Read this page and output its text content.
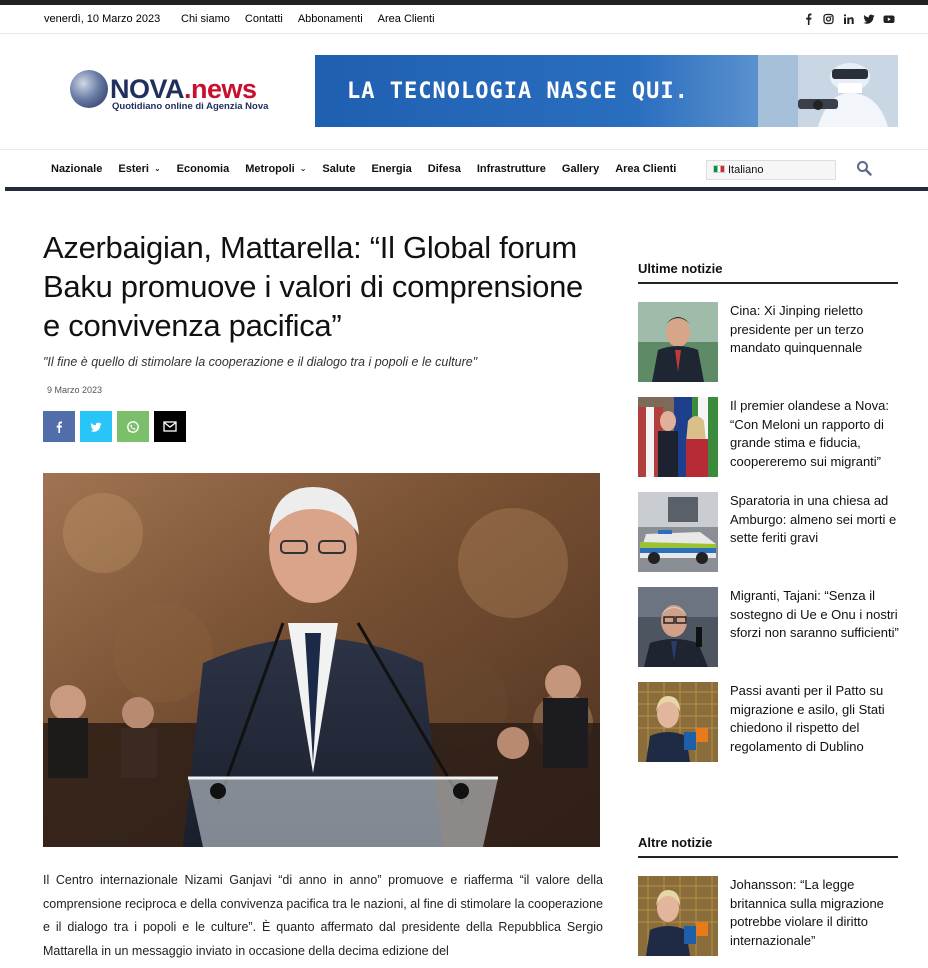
venerdì, 10 Marzo 2023 Chi siamo Contatti Abbonamenti Area Clienti
NOVA.news
Quotidiano online di Agenzia Nova
LA TECNOLOGIA NASCE QUI.
Nazionale Esteri ⌄ Economia Metropoli ⌄ Salute Energia Difesa Infrastrutture Gallery Area Clienti	Italiano
Azerbaigian, Mattarella: “Il Global forum Baku promuove i valori di comprensione e convivenza pacifica”

"Il fine è quello di stimolare la cooperazione e il dialogo tra i popoli e le culture"

9 Marzo 2023

Il Centro internazionale Nizami Ganjavi “di anno in anno” promuove e riafferma “il valore della comprensione reciproca e della convivenza pacifica tra le nazioni, al fine di stimolare la cooperazione e il dialogo tra i popoli e le culture”. È quanto affermato dal presidente della Repubblica Sergio Mattarella in un messaggio inviato in occasione della decima edizione del

Ultime notizie
Cina: Xi Jinping rieletto presidente per un terzo mandato quinquennale
Il premier olandese a Nova: “Con Meloni un rapporto di grande stima e fiducia, coopereremo sui migranti”
Sparatoria in una chiesa ad Amburgo: almeno sei morti e sette feriti gravi
Migranti, Tajani: “Senza il sostegno di Ue e Onu i nostri sforzi non saranno sufficienti”
Passi avanti per il Patto su migrazione e asilo, gli Stati chiedono il rispetto del regolamento di Dublino
Altre notizie
Johansson: “La legge britannica sulla migrazione potrebbe violare il diritto internazionale”
